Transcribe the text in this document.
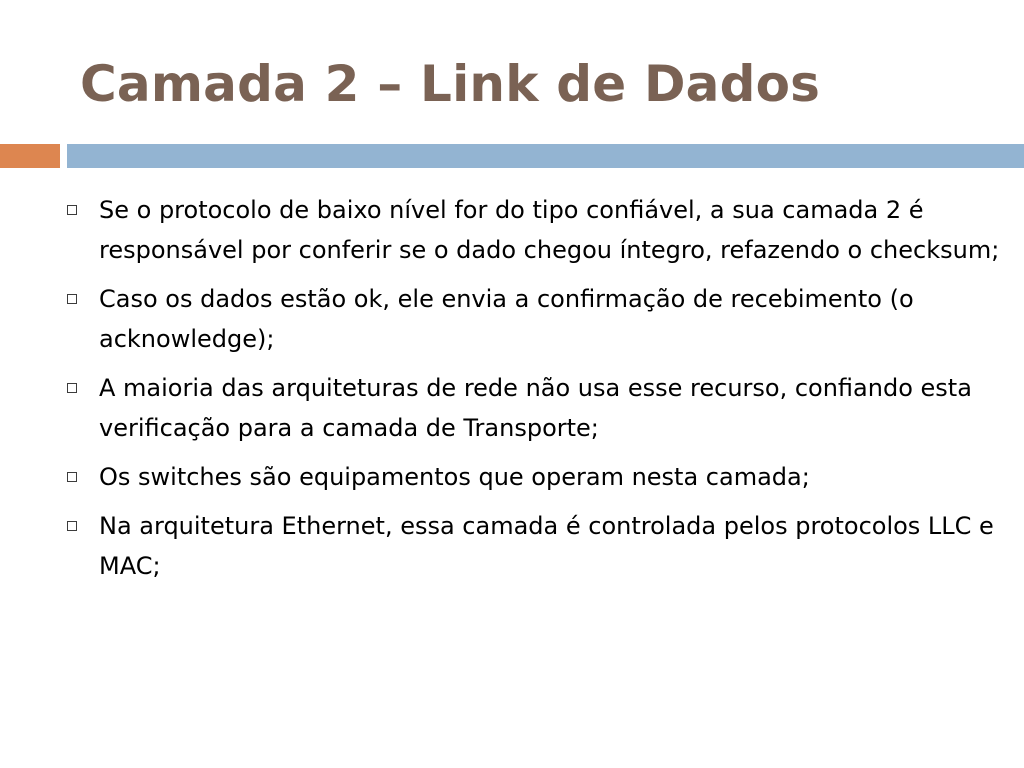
Camada 2 – Link de Dados
Se o protocolo de baixo nível for do tipo confiável, a sua camada 2 é responsável por conferir se o dado chegou íntegro, refazendo o checksum;
Caso os dados estão ok, ele envia a confirmação de recebimento (o acknowledge);
A maioria das arquiteturas de rede não usa esse recurso, confiando esta verificação para a camada de Transporte;
Os switches são equipamentos que operam nesta camada;
Na arquitetura Ethernet, essa camada é controlada pelos protocolos LLC e MAC;
